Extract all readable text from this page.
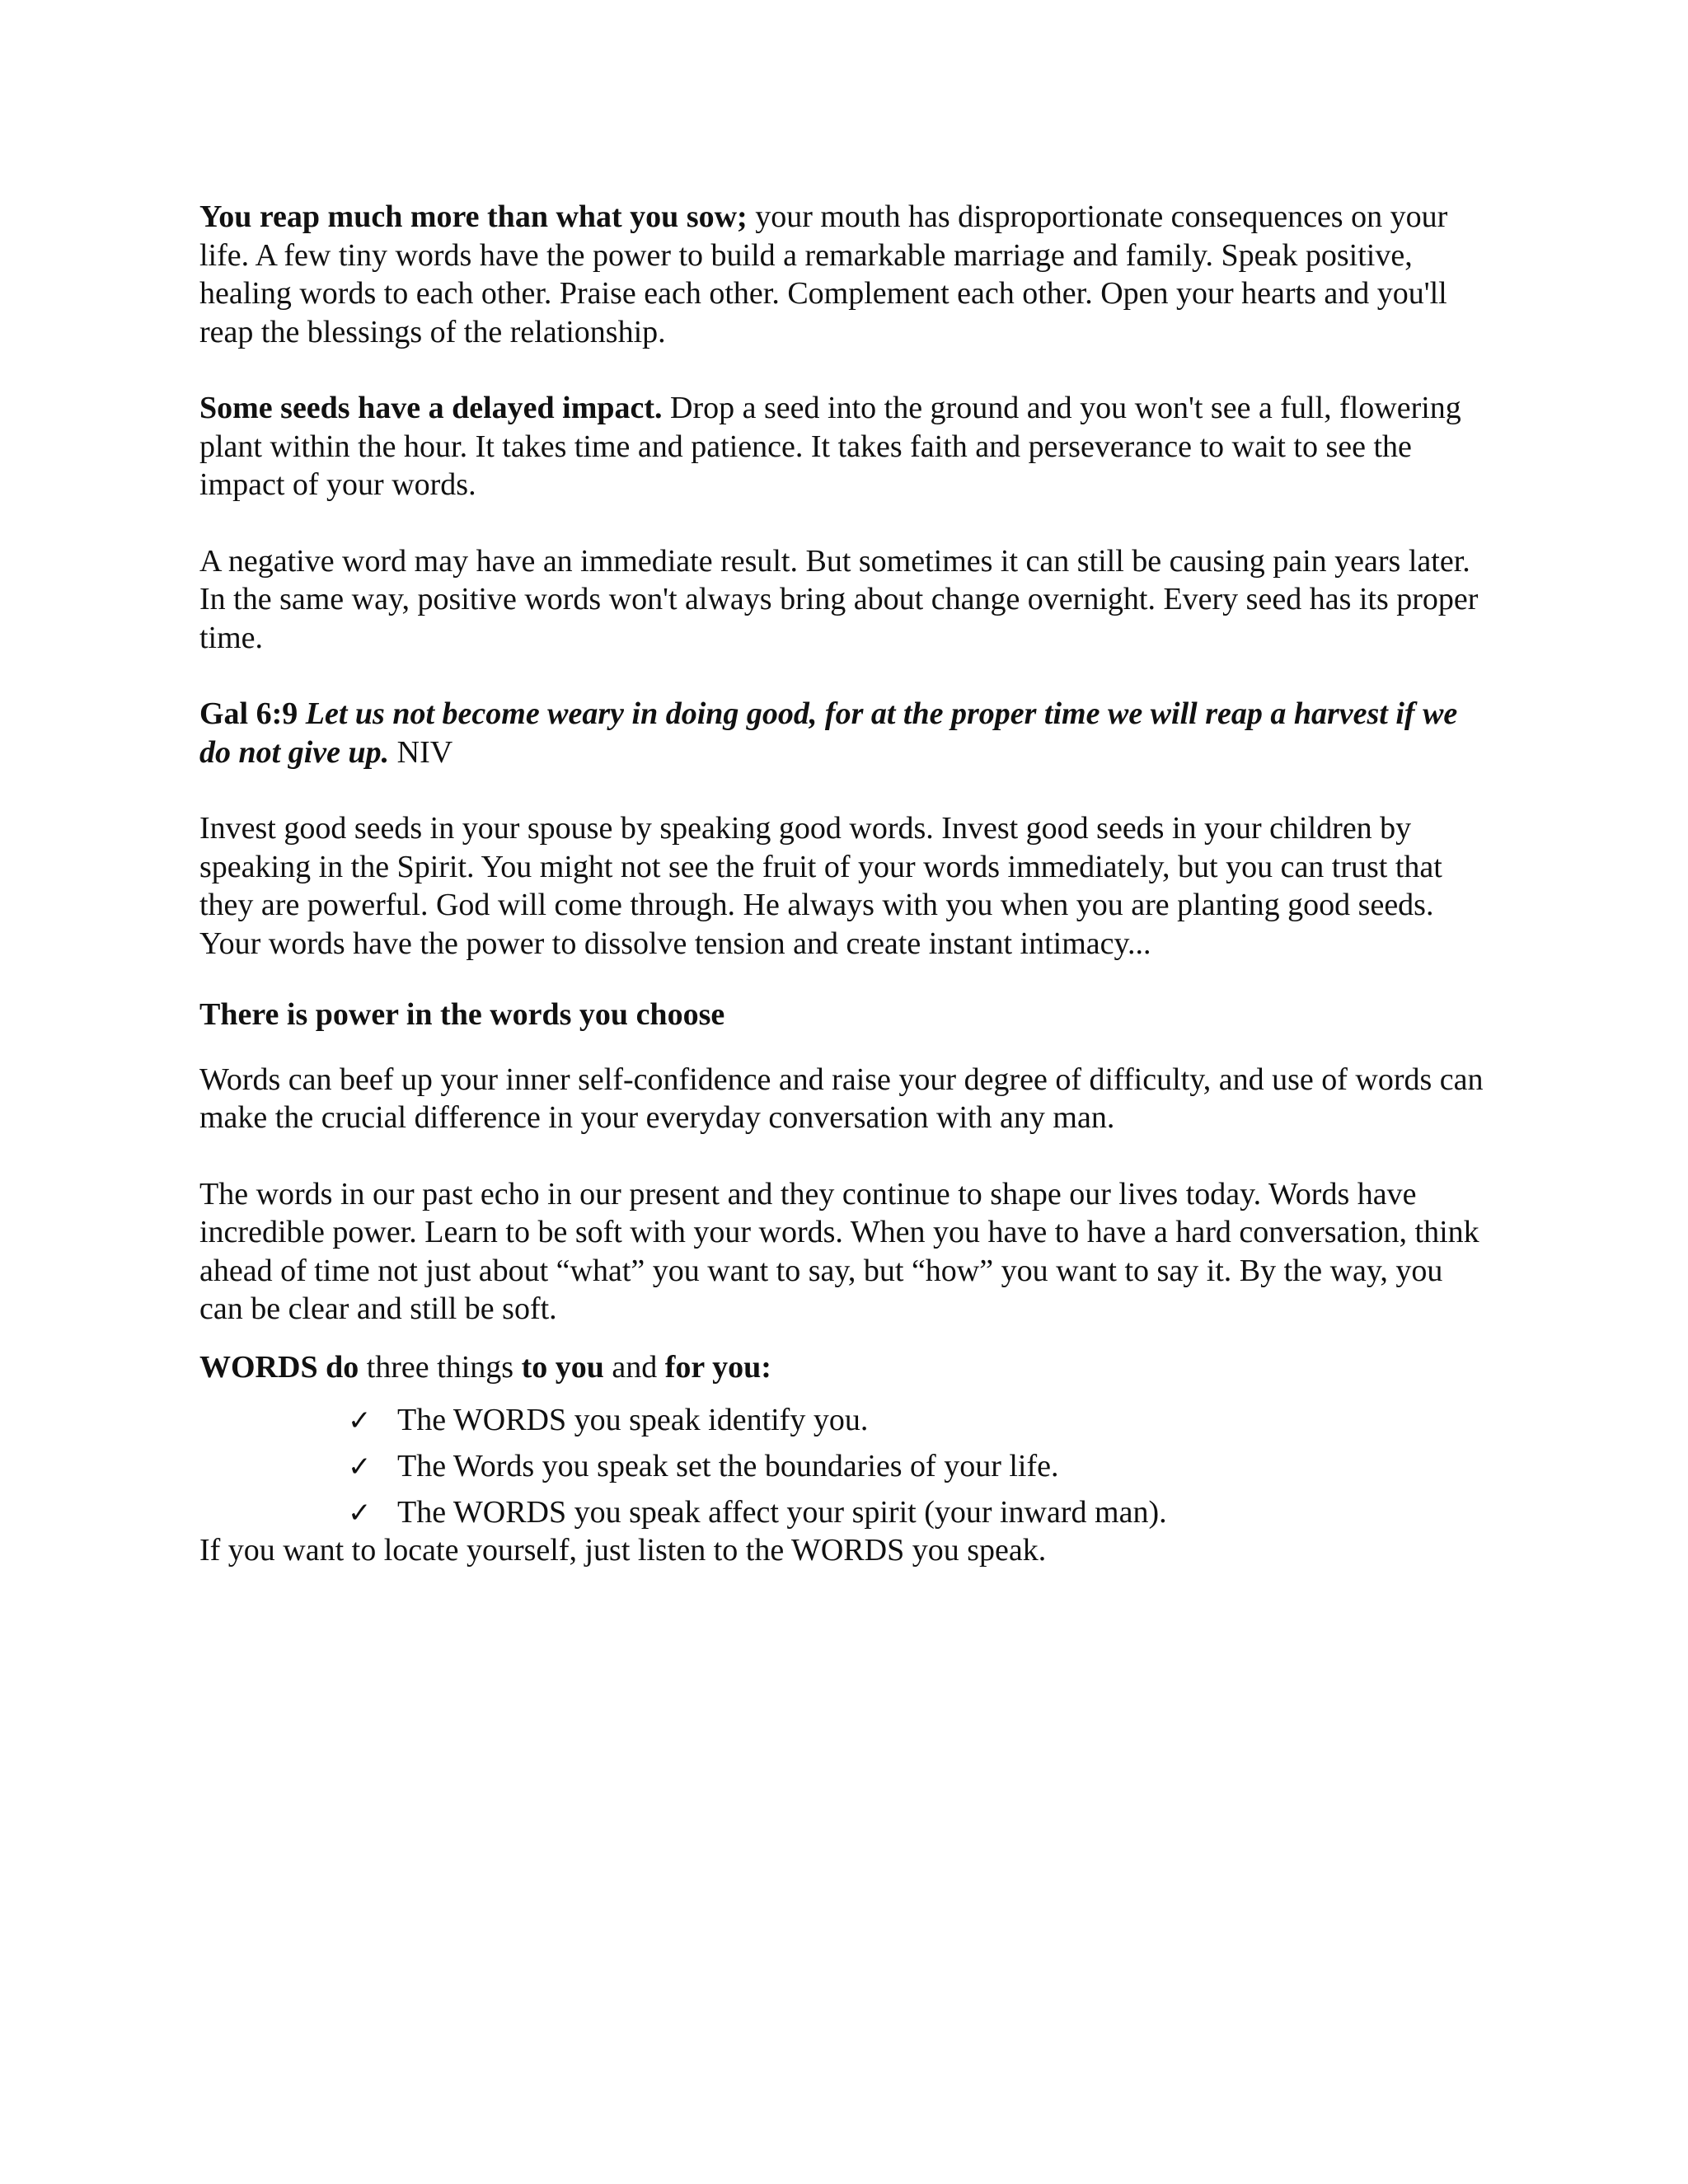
You reap much more than what you sow; your mouth has disproportionate consequences on your life. A few tiny words have the power to build a remarkable marriage and family. Speak positive, healing words to each other. Praise each other. Complement each other. Open your hearts and you'll reap the blessings of the relationship.

Some seeds have a delayed impact. Drop a seed into the ground and you won't see a full, flowering plant within the hour. It takes time and patience. It takes faith and perseverance to wait to see the impact of your words.

A negative word may have an immediate result. But sometimes it can still be causing pain years later. In the same way, positive words won't always bring about change overnight. Every seed has its proper time.

Gal 6:9 Let us not become weary in doing good, for at the proper time we will reap a harvest if we do not give up. NIV

Invest good seeds in your spouse by speaking good words. Invest good seeds in your children by speaking in the Spirit. You might not see the fruit of your words immediately, but you can trust that they are powerful. God will come through. He always with you when you are planting good seeds. Your words have the power to dissolve tension and create instant intimacy...

There is power in the words you choose

Words can beef up your inner self-confidence and raise your degree of difficulty, and use of words can make the crucial difference in your everyday conversation with any man.

The words in our past echo in our present and they continue to shape our lives today. Words have incredible power. Learn to be soft with your words. When you have to have a hard conversation, think ahead of time not just about “what” you want to say, but “how” you want to say it. By the way, you can be clear and still be soft.

WORDS do three things to you and for you:

✓ The WORDS you speak identify you.
✓ The Words you speak set the boundaries of your life.
✓ The WORDS you speak affect your spirit (your inward man).

If you want to locate yourself, just listen to the WORDS you speak.
